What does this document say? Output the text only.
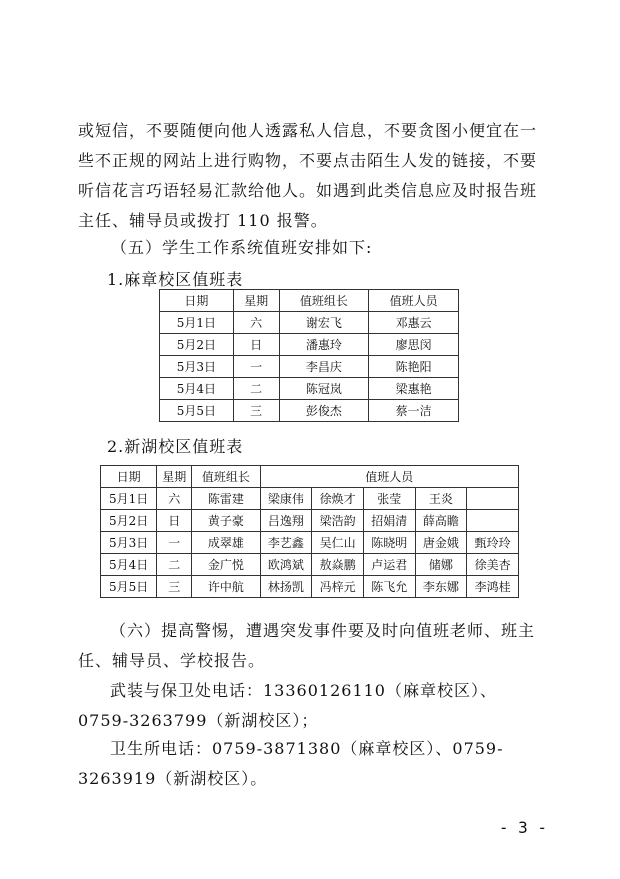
或短信，不要随便向他人透露私人信息，不要贪图小便宜在一些不正规的网站上进行购物，不要点击陌生人发的链接，不要听信花言巧语轻易汇款给他人。如遇到此类信息应及时报告班主任、辅导员或拨打 110 报警。
（五）学生工作系统值班安排如下:
1.麻章校区值班表
日期	星期	值班组长	值班人员
5月1日	六	谢宏飞	邓惠云
5月2日	日	潘惠玲	廖思闵
5月3日	一	李昌庆	陈艳阳
5月4日	二	陈冠岚	梁惠艳
5月5日	三	彭俊杰	蔡一洁
2.新湖校区值班表
日期	星期	值班组长	值班人员				
5月1日	六	陈雷建	梁康伟	徐焕才	张莹	王炎	
5月2日	日	黄子豪	吕逸翔	梁浩韵	招娟清	薛高瞻	
5月3日	一	成翠雄	李艺鑫	吴仁山	陈晓明	唐金娥	甄玲玲
5月4日	二	金广悦	欧鸿斌	敖焱鹏	卢运君	储娜	徐美杏
5月5日	三	许中航	林扬凯	冯梓元	陈飞允	李东娜	李鸿桂
（六）提高警惕，遭遇突发事件要及时向值班老师、班主任、辅导员、学校报告。
武装与保卫处电话：13360126110（麻章校区）、0759-3263799（新湖校区）；
卫生所电话：0759-3871380（麻章校区）、0759-3263919（新湖校区）。
- 3 -
